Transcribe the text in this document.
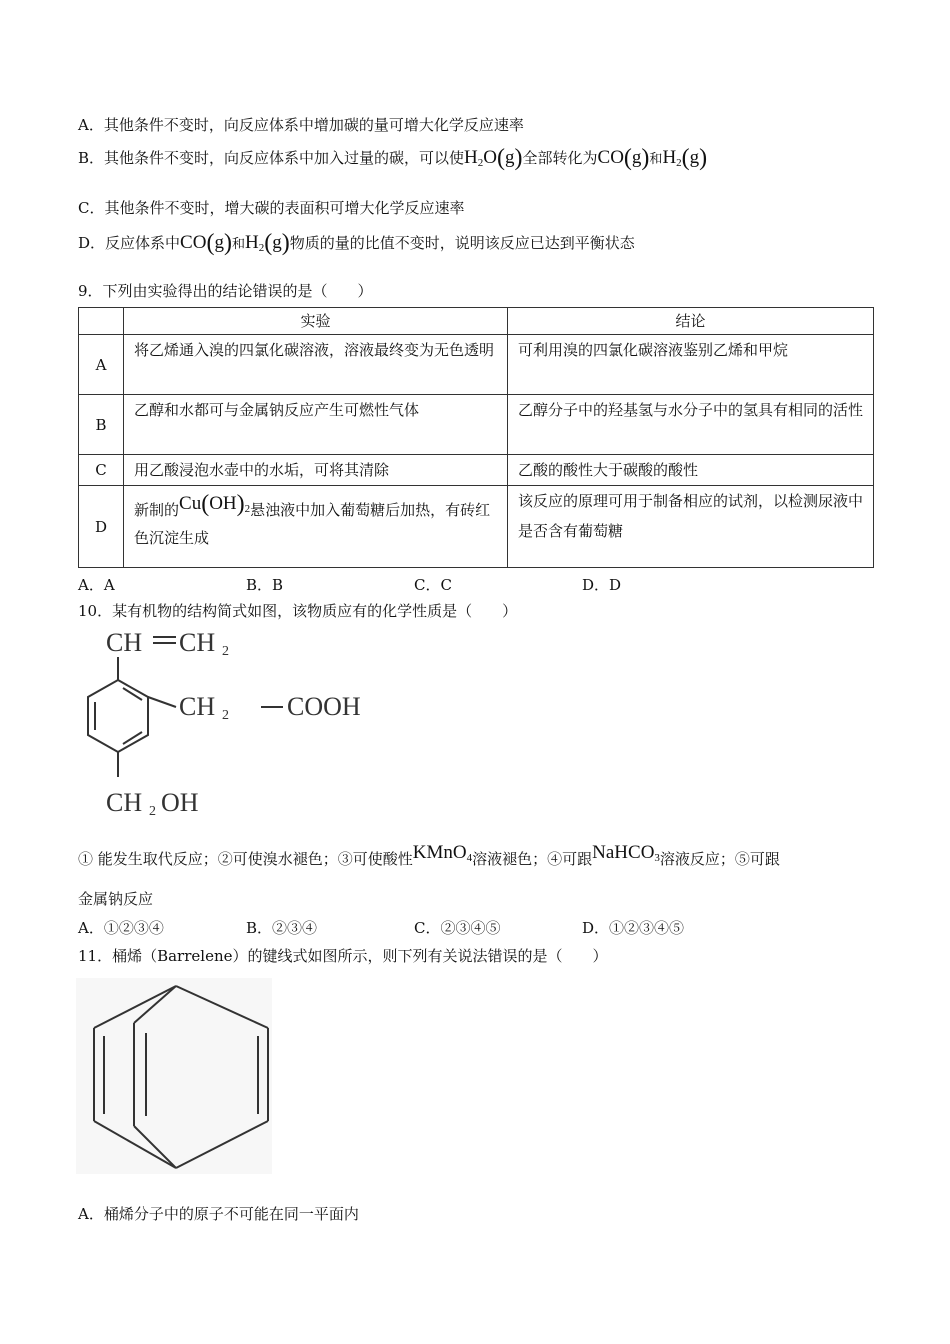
A．其他条件不变时，向反应体系中增加碳的量可增大化学反应速率
B．其他条件不变时，向反应体系中加入过量的碳，可以使$H_2O(g)$全部转化为CO(g)和$H_2(g)$
C．其他条件不变时，增大碳的表面积可增大化学反应速率
D．反应体系中CO(g)和$H_2(g)$物质的量的比值不变时，说明该反应已达到平衡状态
9．下列由实验得出的结论错误的是（　　）
	实验	结论
A	将乙烯通入溴的四氯化碳溶液，溶液最终变为无色透明	可利用溴的四氯化碳溶液鉴别乙烯和甲烷
B	乙醇和水都可与金属钠反应产生可燃性气体	乙醇分子中的羟基氢与水分子中的氢具有相同的活性
C	用乙酸浸泡水壶中的水垢，可将其清除	乙酸的酸性大于碳酸的酸性
D	新制的$Cu(OH)_2$悬浊液中加入葡萄糖后加热，有砖红色沉淀生成	该反应的原理可用于制备相应的试剂，以检测尿液中是否含有葡萄糖
A．A	B．B	C．C	D．D
10．某有机物的结构简式如图，该物质应有的化学性质是（　　）
CH CH 2
CH 2 COOH
CH 2 OH
① 能发生取代反应；②可使溴水褪色；③可使酸性KMnO$_4$溶液褪色；④可跟NaHCO$_3$溶液反应；⑤可跟
金属钠反应
A．①②③④	B．②③④	C．②③④⑤	D．①②③④⑤
11．桶烯（Barrelene）的键线式如图所示，则下列有关说法错误的是（　　）
A．桶烯分子中的原子不可能在同一平面内
